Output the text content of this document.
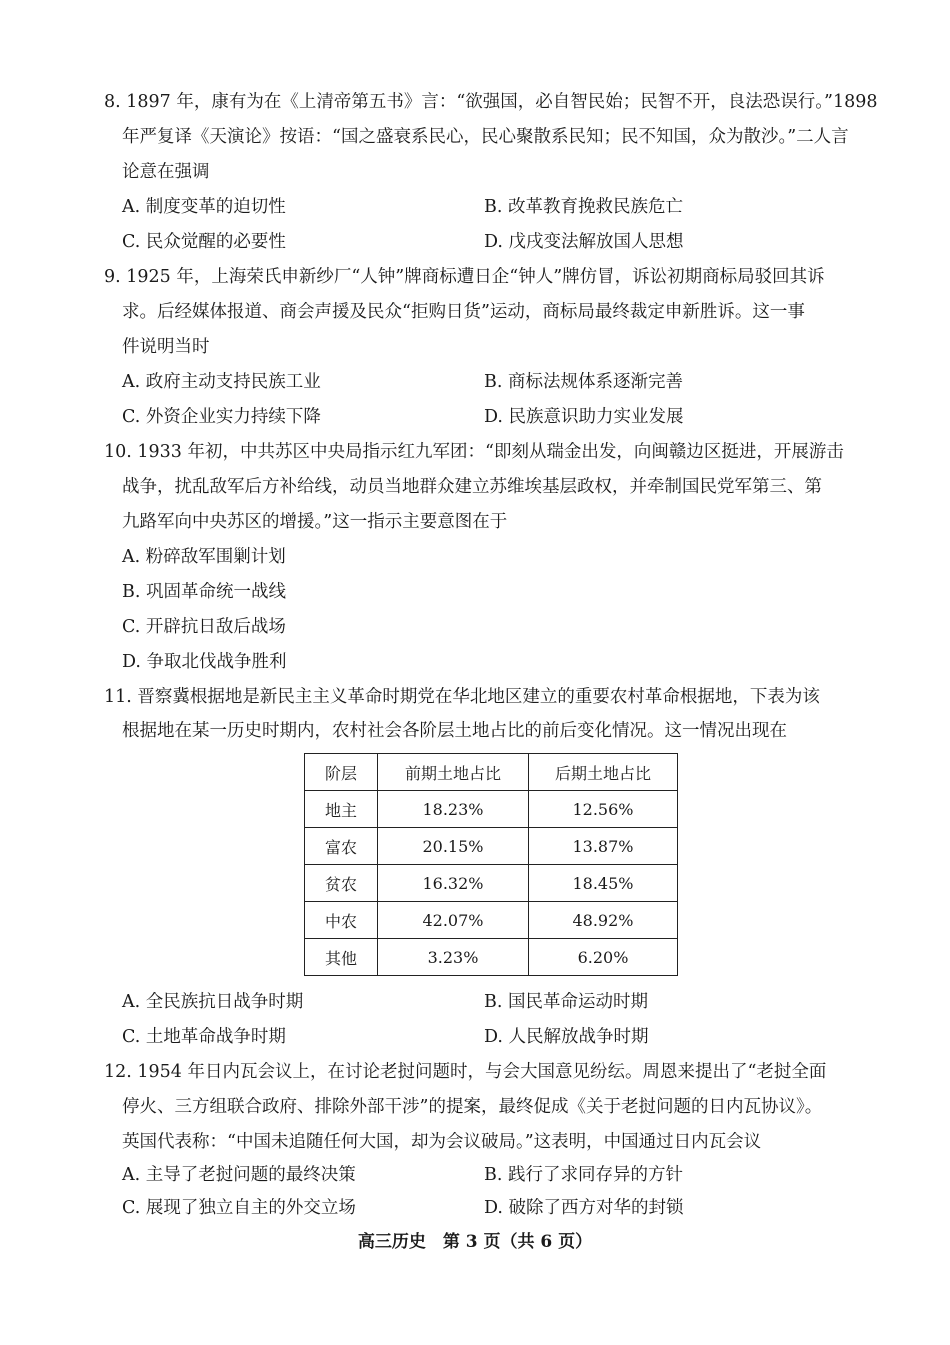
8. 1897 年，康有为在《上清帝第五书》言：“欲强国，必自智民始；民智不开，良法恐误行。”1898
年严复译《天演论》按语：“国之盛衰系民心，民心聚散系民知；民不知国，众为散沙。”二人言
论意在强调
A. 制度变革的迫切性	B. 改革教育挽救民族危亡
C. 民众觉醒的必要性	D. 戊戌变法解放国人思想
9. 1925 年，上海荣氏申新纱厂“人钟”牌商标遭日企“钟人”牌仿冒，诉讼初期商标局驳回其诉
求。后经媒体报道、商会声援及民众“拒购日货”运动，商标局最终裁定申新胜诉。这一事
件说明当时
A. 政府主动支持民族工业	B. 商标法规体系逐渐完善
C. 外资企业实力持续下降	D. 民族意识助力实业发展
10. 1933 年初，中共苏区中央局指示红九军团：“即刻从瑞金出发，向闽赣边区挺进，开展游击
战争，扰乱敌军后方补给线，动员当地群众建立苏维埃基层政权，并牵制国民党军第三、第
九路军向中央苏区的增援。”这一指示主要意图在于
A. 粉碎敌军围剿计划
B. 巩固革命统一战线
C. 开辟抗日敌后战场
D. 争取北伐战争胜利
11. 晋察冀根据地是新民主主义革命时期党在华北地区建立的重要农村革命根据地，下表为该
根据地在某一历史时期内，农村社会各阶层土地占比的前后变化情况。这一情况出现在
阶层	前期土地占比	后期土地占比
地主	18.23%	12.56%
富农	20.15%	13.87%
贫农	16.32%	18.45%
中农	42.07%	48.92%
其他	3.23%	6.20%
A. 全民族抗日战争时期	B. 国民革命运动时期
C. 土地革命战争时期	D. 人民解放战争时期
12. 1954 年日内瓦会议上，在讨论老挝问题时，与会大国意见纷纭。周恩来提出了“老挝全面
停火、三方组联合政府、排除外部干涉”的提案，最终促成《关于老挝问题的日内瓦协议》。
英国代表称：“中国未追随任何大国，却为会议破局。”这表明，中国通过日内瓦会议
A. 主导了老挝问题的最终决策	B. 践行了求同存异的方针
C. 展现了独立自主的外交立场	D. 破除了西方对华的封锁
高三历史　第 3 页（共 6 页）
